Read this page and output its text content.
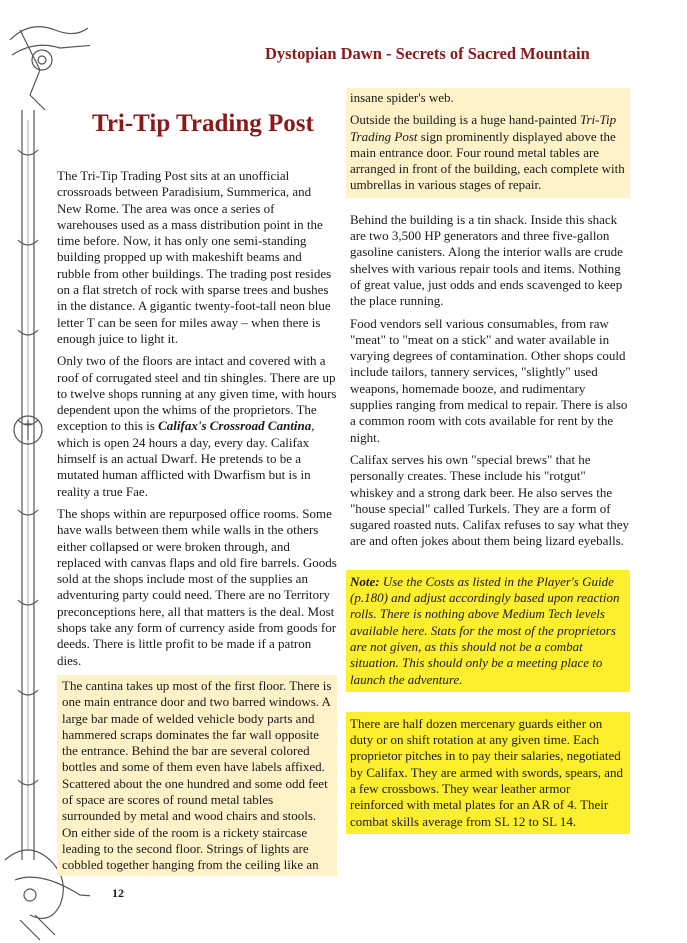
Dystopian Dawn - Secrets of Sacred Mountain
Tri-Tip Trading Post

The Tri-Tip Trading Post sits at an unofficial crossroads between Paradisium, Summerica, and New Rome. The area was once a series of warehouses used as a mass distribution point in the time before. Now, it has only one semi-standing building propped up with makeshift beams and rubble from other buildings. The trading post resides on a flat stretch of rock with sparse trees and bushes in the distance. A gigantic twenty-foot-tall neon blue letter T can be seen for miles away – when there is enough juice to light it.

Only two of the floors are intact and covered with a roof of corrugated steel and tin shingles. There are up to twelve shops running at any given time, with hours dependent upon the whims of the proprietors. The exception to this is Califax's Crossroad Cantina, which is open 24 hours a day, every day. Califax himself is an actual Dwarf. He pretends to be a mutated human afflicted with Dwarfism but is in reality a true Fae.

The shops within are repurposed office rooms. Some have walls between them while walls in the others either collapsed or were broken through, and replaced with canvas flaps and old fire barrels. Goods sold at the shops include most of the supplies an adventuring party could need. There are no Territory preconceptions here, all that matters is the deal. Most shops take any form of currency aside from goods for deeds. There is little profit to be made if a patron dies.

The cantina takes up most of the first floor. There is one main entrance door and two barred windows. A large bar made of welded vehicle body parts and hammered scraps dominates the far wall opposite the entrance. Behind the bar are several colored bottles and some of them even have labels affixed. Scattered about the one hundred and some odd feet of space are scores of round metal tables surrounded by metal and wood chairs and stools. On either side of the room is a rickety staircase leading to the second floor. Strings of lights are cobbled together hanging from the ceiling like an

insane spider's web.

Outside the building is a huge hand-painted Tri-Tip Trading Post sign prominently displayed above the main entrance door. Four round metal tables are arranged in front of the building, each complete with umbrellas in various stages of repair.

Behind the building is a tin shack. Inside this shack are two 3,500 HP generators and three five-gallon gasoline canisters. Along the interior walls are crude shelves with various repair tools and items. Nothing of great value, just odds and ends scavenged to keep the place running.

Food vendors sell various consumables, from raw "meat" to "meat on a stick" and water available in varying degrees of contamination. Other shops could include tailors, tannery services, "slightly" used weapons, homemade booze, and rudimentary supplies ranging from medical to repair. There is also a common room with cots available for rent by the night.

Califax serves his own "special brews" that he personally creates. These include his "rotgut" whiskey and a strong dark beer. He also serves the "house special" called Turkels. They are a form of sugared roasted nuts. Califax refuses to say what they are and often jokes about them being lizard eyeballs.

Note: Use the Costs as listed in the Player's Guide (p.180) and adjust accordingly based upon reaction rolls. There is nothing above Medium Tech levels available here. Stats for the most of the proprietors are not given, as this should not be a combat situation. This should only be a meeting place to launch the adventure.
There are half dozen mercenary guards either on duty or on shift rotation at any given time. Each proprietor pitches in to pay their salaries, negotiated by Califax. They are armed with swords, spears, and a few crossbows. They wear leather armor reinforced with metal plates for an AR of 4. Their combat skills average from SL 12 to SL 14.
12
